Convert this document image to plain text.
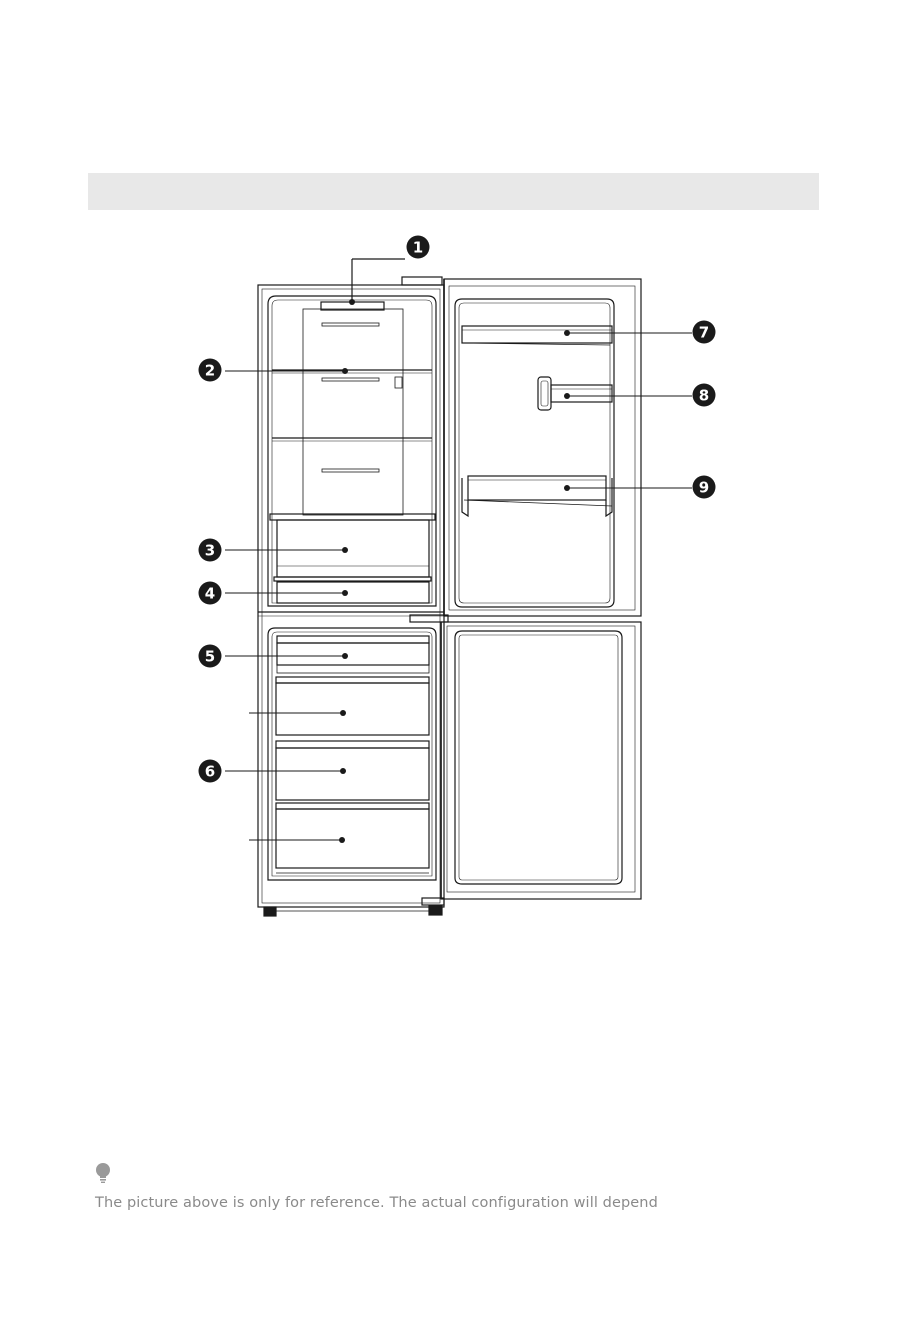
1
2
3
4
5
6
7
8
9
The picture above is only for reference. The actual configuration will depend
